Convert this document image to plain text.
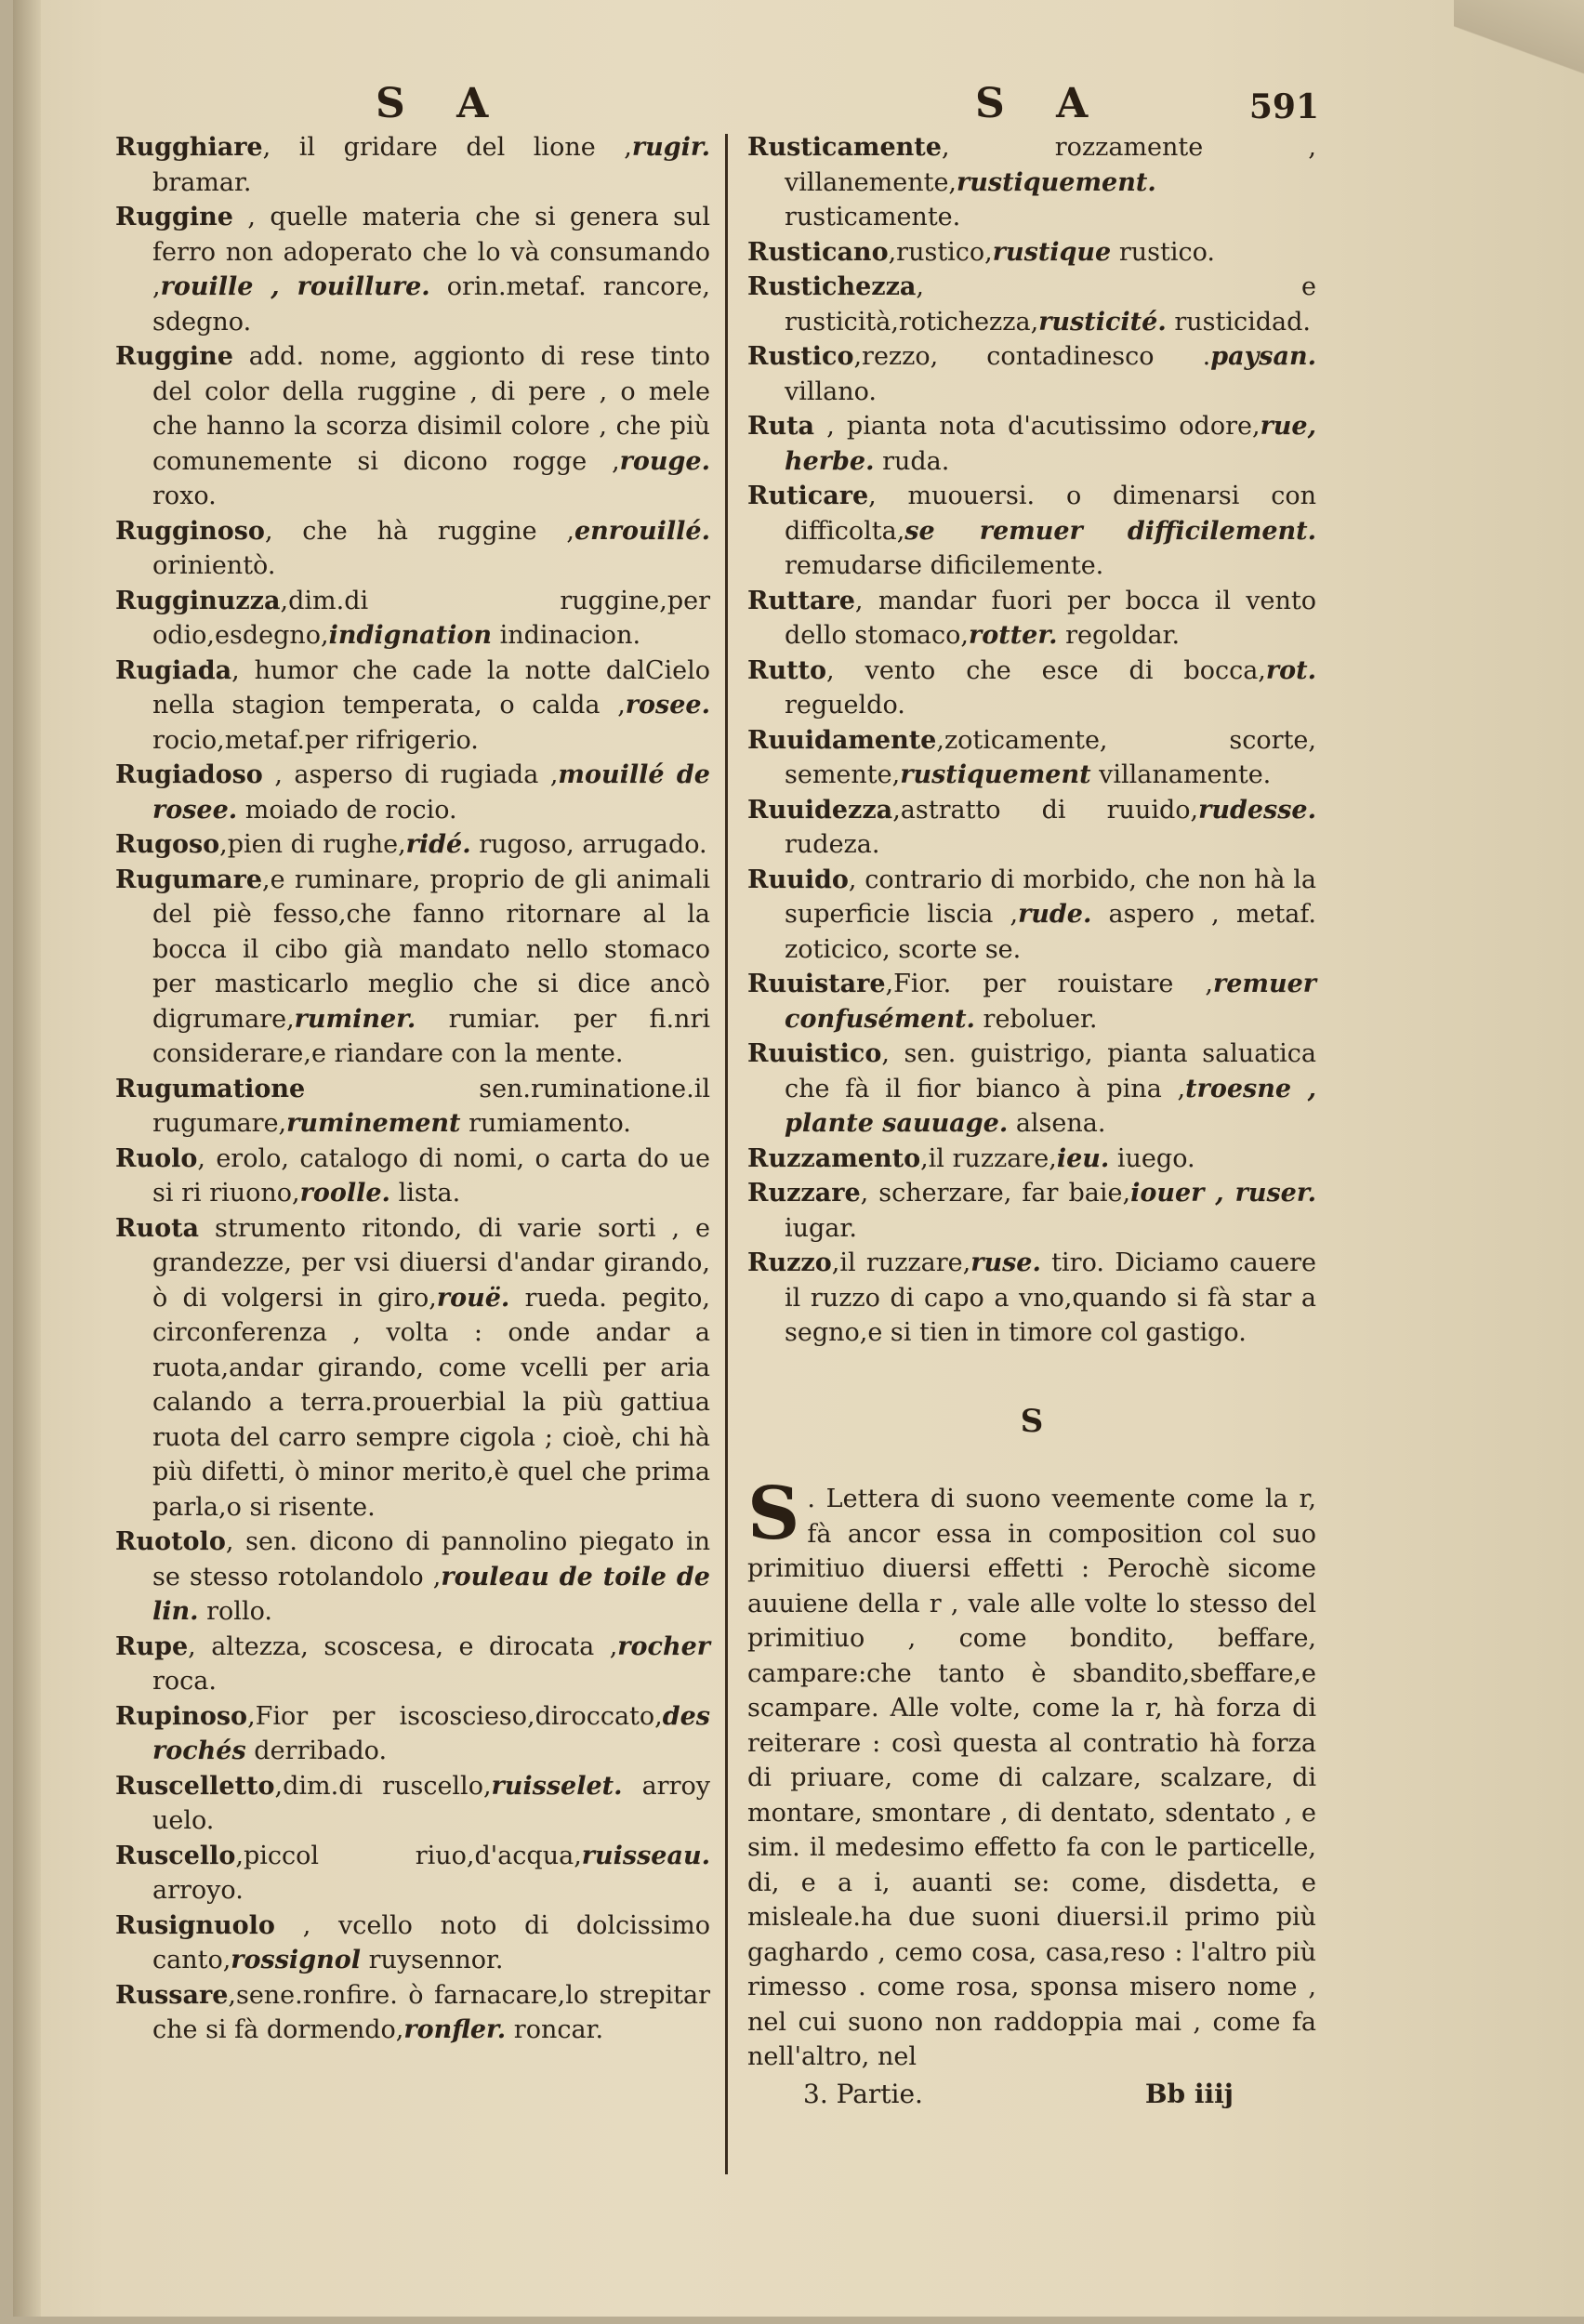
S A	S A	591

Rugghiare, il gridare del lione ,rugir. bramar.

Ruggine , quelle materia che si genera sul ferro non adoperato che lo và consumando ,rouille , rouillure. orin.metaf. rancore, sdegno.

Ruggine add. nome, aggionto di rese tinto del color della ruggine , di pere , o mele che hanno la scorza disimil colore , che più comunemente si dicono rogge ,rouge. roxo.

Rugginoso, che hà ruggine ,enrouillé. orinientò.

Rugginuzza,dim.di ruggine,per odio,esdegno,indignation indinacion.

Rugiada, humor che cade la notte dalCielo nella stagion temperata, o calda ,rosee. rocio,metaf.per rifrigerio.

Rugiadoso , asperso di rugiada ,mouillé de rosee. moiado de rocio.

Rugoso,pien di rughe,ridé. rugoso, arrugado.

Rugumare,e ruminare, proprio de gli animali del piè fesso,che fanno ritornare al la bocca il cibo già mandato nello stomaco per masticarlo meglio che si dice ancò digrumare,ruminer. rumiar. per fi.nri considerare,e riandare con la mente.

Rugumatione sen.ruminatione.il rugumare,ruminement rumiamento.

Ruolo, erolo, catalogo di nomi, o carta do ue si ri riuono,roolle. lista.

Ruota strumento ritondo, di varie sorti , e grandezze, per vsi diuersi d'andar girando, ò di volgersi in giro,rouë. rueda. pegito, circonferenza , volta : onde andar a ruota,andar girando, come vcelli per aria calando a terra.prouerbial la più gattiua ruota del carro sempre cigola ; cioè, chi hà più difetti, ò minor merito,è quel che prima parla,o si risente.

Ruotolo, sen. dicono di pannolino piegato in se stesso rotolandolo ,rouleau de toile de lin. rollo.

Rupe, altezza, scoscesa, e dirocata ,rocher roca.

Rupinoso,Fior per iscoscieso,diroccato,des rochés derribado.

Ruscelletto,dim.di ruscello,ruisselet. arroy uelo.

Ruscello,piccol riuo,d'acqua,ruisseau. arroyo.

Rusignuolo , vcello noto di dolcissimo canto,rossignol ruysennor.

Russare,sene.ronfire. ò farnacare,lo strepitar che si fà dormendo,ronfler. roncar.

Rusticamente, rozzamente , villanemente,rustiquement. rusticamente.

Rusticano,rustico,rustique rustico.

Rustichezza, e rusticità,rotichezza,rusticité. rusticidad.

Rustico,rezzo, contadinesco .paysan. villano.

Ruta , pianta nota d'acutissimo odore,rue, herbe. ruda.

Ruticare, muouersi. o dimenarsi con difficolta,se remuer difficilement. remudarse dificilemente.

Ruttare, mandar fuori per bocca il vento dello stomaco,rotter. regoldar.

Rutto, vento che esce di bocca,rot. regueldo.

Ruuidamente,zoticamente, scorte, semente,rustiquement villanamente.

Ruuidezza,astratto di ruuido,rudesse. rudeza.

Ruuido, contrario di morbido, che non hà la superficie liscia ,rude. aspero , metaf. zoticico, scorte se.

Ruuistare,Fior. per rouistare ,remuer confusément. reboluer.

Ruuistico, sen. guistrigo, pianta saluatica che fà il fior bianco à pina ,troesne , plante sauuage. alsena.

Ruzzamento,il ruzzare,ieu. iuego.

Ruzzare, scherzare, far baie,iouer , ruser. iugar.

Ruzzo,il ruzzare,ruse. tiro. Diciamo cauere il ruzzo di capo a vno,quando si fà star a segno,e si tien in timore col gastigo.

S

S . Lettera di suono veemente come la r, fà ancor essa in composition col suo primitiuo diuersi effetti : Perochè sicome auuiene della r , vale alle volte lo stesso del primitiuo , come bondito, beffare, campare:che tanto è sbandito,sbeffare,e scampare. Alle volte, come la r, hà forza di reiterare : così questa al contratio hà forza di priuare, come di calzare, scalzare, di montare, smontare , di dentato, sdentato , e sim. il medesimo effetto fa con le particelle, di, e a i, auanti se: come, disdetta, e misleale.ha due suoni diuersi.il primo più gaghardo , cemo cosa, casa,reso : l'altro più rimesso . come rosa, sponsa misero nome , nel cui suono non raddoppia mai , come fa nell'altro, nel

3. Partie.	Bb iiij
